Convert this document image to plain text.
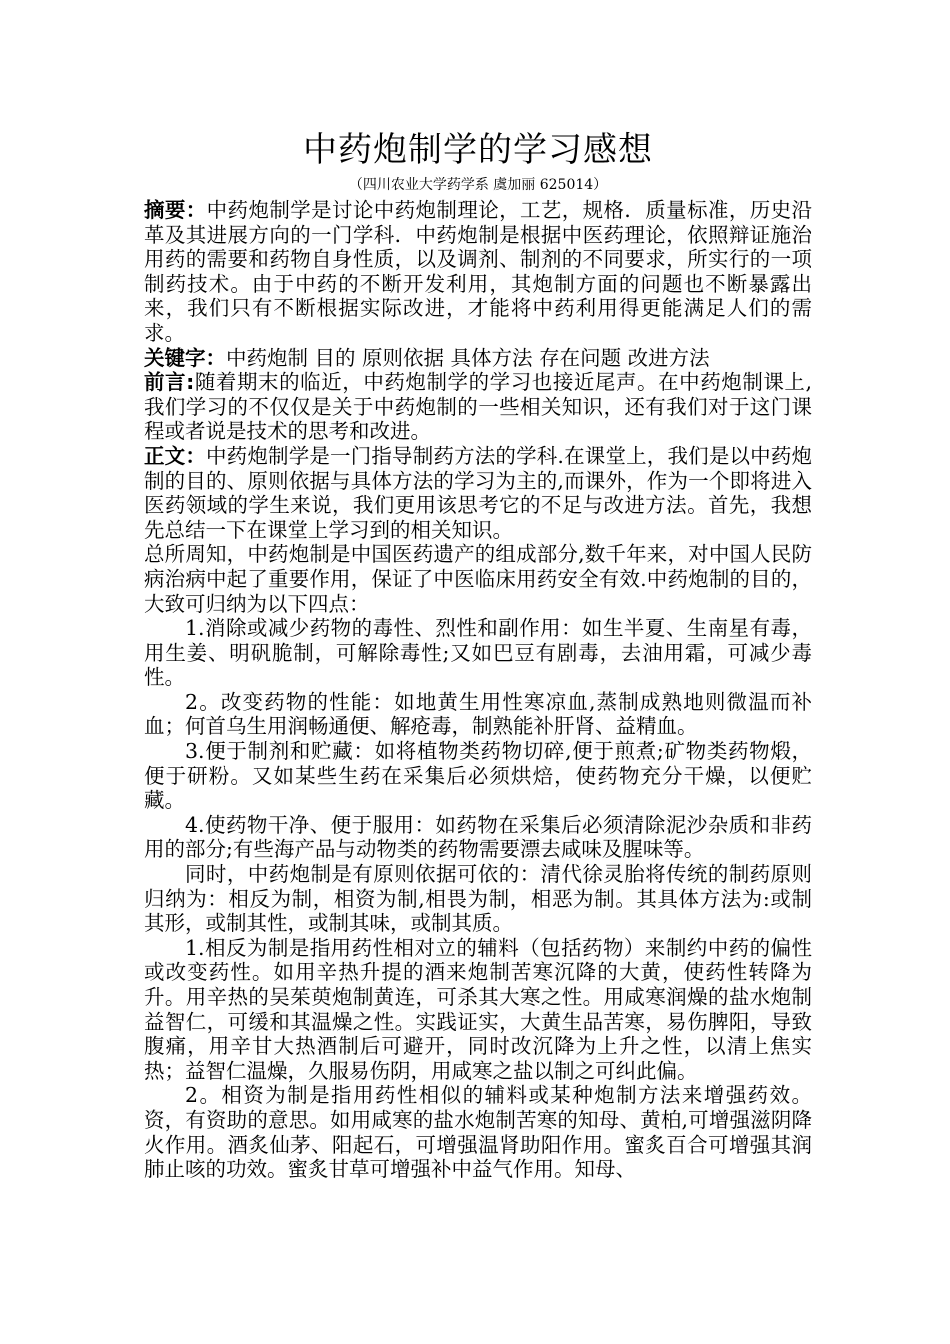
中药炮制学的学习感想
（四川农业大学药学系 虞加丽 625014）

摘要：中药炮制学是讨论中药炮制理论，工艺，规格．质量标准，历史沿革及其进展方向的一门学科．中药炮制是根据中医药理论，依照辩证施治用药的需要和药物自身性质，以及调剂、制剂的不同要求，所实行的一项制药技术。由于中药的不断开发利用，其炮制方面的问题也不断暴露出来，我们只有不断根据实际改进，才能将中药利用得更能满足人们的需求。

关键字：中药炮制 目的 原则依据 具体方法 存在问题 改进方法

前言:随着期末的临近，中药炮制学的学习也接近尾声。在中药炮制课上,我们学习的不仅仅是关于中药炮制的一些相关知识，还有我们对于这门课程或者说是技术的思考和改进。

正文：中药炮制学是一门指导制药方法的学科.在课堂上，我们是以中药炮制的目的、原则依据与具体方法的学习为主的,而课外，作为一个即将进入医药领域的学生来说，我们更用该思考它的不足与改进方法。首先，我想先总结一下在课堂上学习到的相关知识。

总所周知，中药炮制是中国医药遗产的组成部分,数千年来，对中国人民防病治病中起了重要作用，保证了中医临床用药安全有效.中药炮制的目的，大致可归纳为以下四点：

1.消除或减少药物的毒性、烈性和副作用：如生半夏、生南星有毒，用生姜、明矾脆制，可解除毒性;又如巴豆有剧毒，去油用霜，可减少毒性。

2。改变药物的性能：如地黄生用性寒凉血,蒸制成熟地则微温而补血；何首乌生用润畅通便、解疮毒，制熟能补肝肾、益精血。

3.便于制剂和贮藏：如将植物类药物切碎,便于煎煮;矿物类药物煅，便于研粉。又如某些生药在采集后必须烘焙，使药物充分干燥，以便贮藏。

4.使药物干净、便于服用：如药物在采集后必须清除泥沙杂质和非药用的部分;有些海产品与动物类的药物需要漂去咸味及腥味等。

同时，中药炮制是有原则依据可依的：清代徐灵胎将传统的制药原则归纳为：相反为制，相资为制,相畏为制，相恶为制。其具体方法为:或制其形，或制其性，或制其味，或制其质。

1.相反为制是指用药性相对立的辅料（包括药物）来制约中药的偏性或改变药性。如用辛热升提的酒来炮制苦寒沉降的大黄，使药性转降为升。用辛热的吴茱萸炮制黄连，可杀其大寒之性。用咸寒润燥的盐水炮制益智仁，可缓和其温燥之性。实践证实，大黄生品苦寒，易伤脾阳，导致腹痛，用辛甘大热酒制后可避开，同时改沉降为上升之性，以清上焦实热；益智仁温燥，久服易伤阴，用咸寒之盐以制之可纠此偏。

2。相资为制是指用药性相似的辅料或某种炮制方法来增强药效。资，有资助的意思。如用咸寒的盐水炮制苦寒的知母、黄柏,可增强滋阴降火作用。酒炙仙茅、阳起石，可增强温肾助阳作用。蜜炙百合可增强其润肺止咳的功效。蜜炙甘草可增强补中益气作用。知母、
